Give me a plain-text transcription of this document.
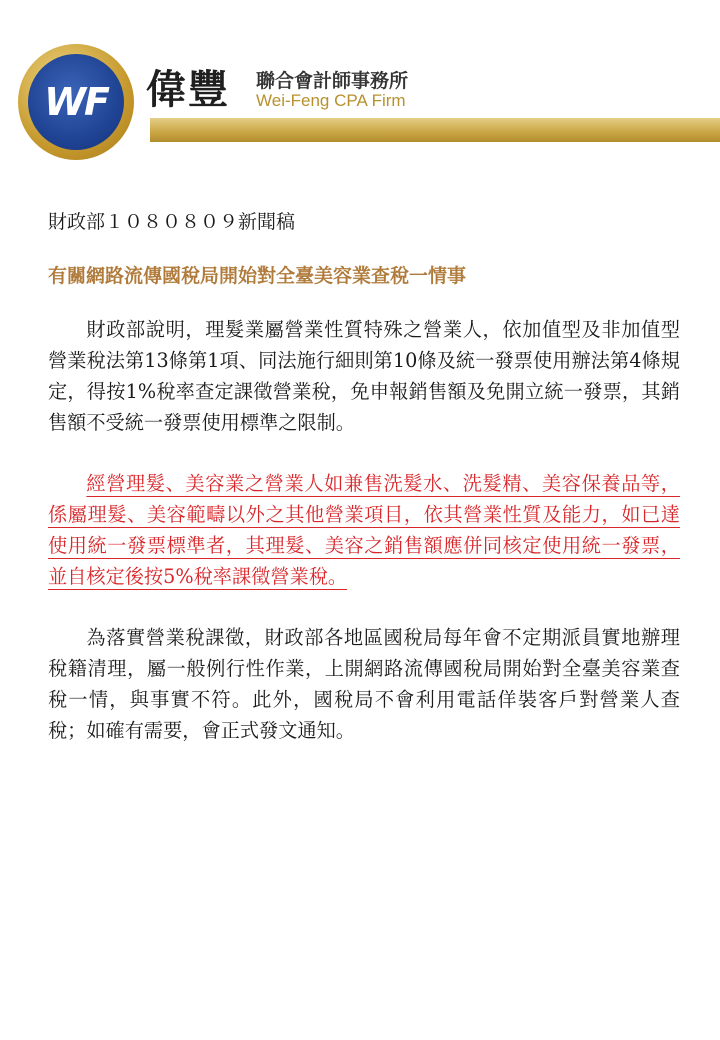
WF 偉豐 聯合會計師事務所
Wei-Feng CPA Firm

財政部１０８０８０９新聞稿

有關網路流傳國稅局開始對全臺美容業查稅一情事

財政部說明，理髮業屬營業性質特殊之營業人，依加值型及非加值型營業稅法第13條第1項、同法施行細則第10條及統一發票使用辦法第4條規定，得按1%稅率查定課徵營業稅，免申報銷售額及免開立統一發票，其銷售額不受統一發票使用標準之限制。

經營理髮、美容業之營業人如兼售洗髮水、洗髮精、美容保養品等，係屬理髮、美容範疇以外之其他營業項目，依其營業性質及能力，如已達使用統一發票標準者，其理髮、美容之銷售額應併同核定使用統一發票，並自核定後按5%稅率課徵營業稅。

為落實營業稅課徵，財政部各地區國稅局每年會不定期派員實地辦理稅籍清理，屬一般例行性作業，上開網路流傳國稅局開始對全臺美容業查稅一情，與事實不符。此外，國稅局不會利用電話佯裝客戶對營業人查稅；如確有需要，會正式發文通知。
